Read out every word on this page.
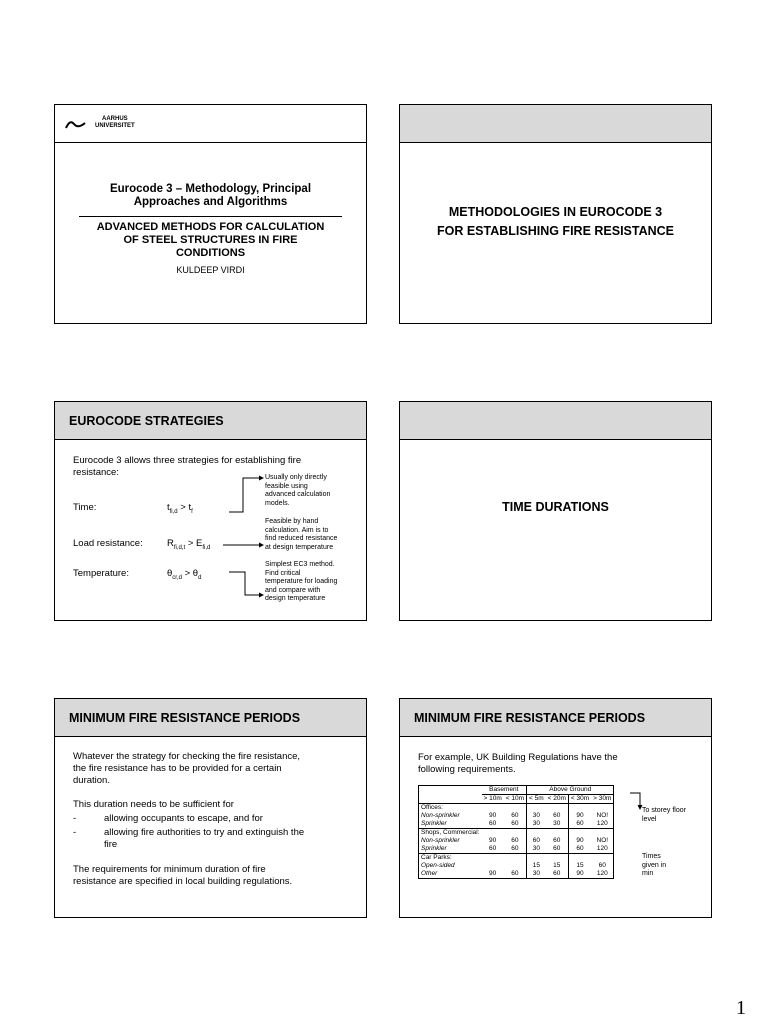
AARHUS
UNIVERSITET
Eurocode 3 – Methodology, Principal
Approaches and Algorithms
ADVANCED METHODS FOR CALCULATION
OF STEEL STRUCTURES IN FIRE
CONDITIONS
KULDEEP VIRDI
METHODOLOGIES IN EUROCODE 3
FOR ESTABLISHING FIRE RESISTANCE
EUROCODE STRATEGIES
Eurocode 3 allows three strategies for establishing fire
resistance:
Time:	$t_{fi,d} > t_f$
Load resistance:	$R_{fi,d,t} > E_{fi,d}$
Temperature:	$\theta_{cr,d} > \theta_d$
Usually only directly
feasible using
advanced calculation
models.
Feasible by hand
calculation. Aim is to
find reduced resistance
at design temperature
Simplest EC3 method.
Find critical
temperature for loading
and compare with
design temperature
TIME DURATIONS
MINIMUM FIRE RESISTANCE PERIODS
Whatever the strategy for checking the fire resistance,
the fire resistance has to be provided for a certain
duration.
This duration needs to be sufficient for
-	allowing occupants to escape, and for
-	allowing fire authorities to try and extinguish the
fire
The requirements for minimum duration of fire
resistance are specified in local building regulations.
MINIMUM FIRE RESISTANCE PERIODS
For example, UK Building Regulations have the
following requirements.
	Basement		Above Ground			
	> 10m	< 10m	< 5m	< 20m	< 30m	> 30m
Offices:						
Non-sprinkler	90	60	30	60	90	NO!
Sprinkler	60	60	30	30	60	120
Shops, Commercial:						
Non-sprinkler	90	60	60	60	90	NO!
Sprinkler	60	60	30	60	60	120
Car Parks:						
Open-sided			15	15	15	60
Other	90	60	30	60	90	120
To storey floor
level
Times
given in
min
1
